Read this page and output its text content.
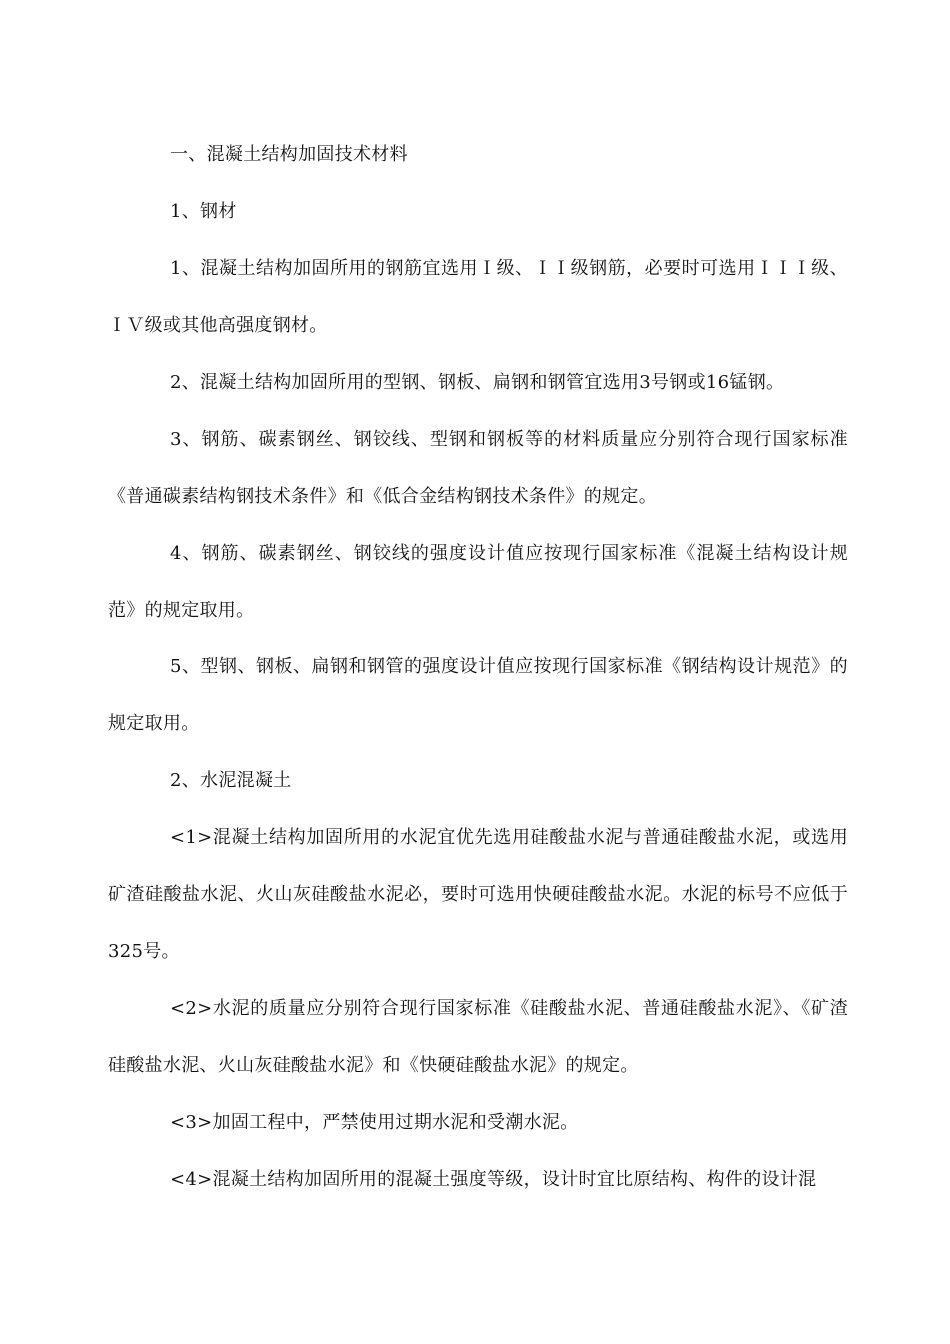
一、混凝土结构加固技术材料

1、钢材

1、混凝土结构加固所用的钢筋宜选用Ｉ级、ＩＩ级钢筋，必要时可选用ＩＩＩ级、ＩＶ级或其他高强度钢材。

2、混凝土结构加固所用的型钢、钢板、扁钢和钢管宜选用3号钢或16锰钢。

3、钢筋、碳素钢丝、钢铰线、型钢和钢板等的材料质量应分别符合现行国家标准《普通碳素结构钢技术条件》和《低合金结构钢技术条件》的规定。

4、钢筋、碳素钢丝、钢铰线的强度设计值应按现行国家标准《混凝土结构设计规范》的规定取用。

5、型钢、钢板、扁钢和钢管的强度设计值应按现行国家标准《钢结构设计规范》的规定取用。

2、水泥混凝土

<1>混凝土结构加固所用的水泥宜优先选用硅酸盐水泥与普通硅酸盐水泥，或选用矿渣硅酸盐水泥、火山灰硅酸盐水泥必，要时可选用快硬硅酸盐水泥。水泥的标号不应低于325号。

<2>水泥的质量应分别符合现行国家标准《硅酸盐水泥、普通硅酸盐水泥》、《矿渣硅酸盐水泥、火山灰硅酸盐水泥》和《快硬硅酸盐水泥》的规定。

<3>加固工程中，严禁使用过期水泥和受潮水泥。

<4>混凝土结构加固所用的混凝土强度等级，设计时宜比原结构、构件的设计混
